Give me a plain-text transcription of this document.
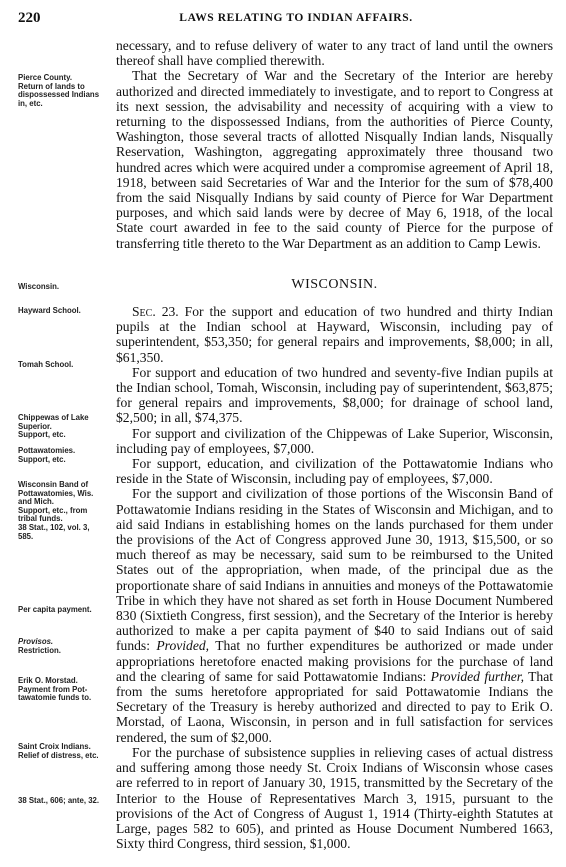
220	LAWS RELATING TO INDIAN AFFAIRS.

necessary, and to refuse delivery of water to any tract of land until the owners thereof shall have complied therewith.

That the Secretary of War and the Secretary of the Interior are hereby authorized and directed immediately to investigate, and to report to Congress at its next session, the advisability and necessity of acquiring with a view to returning to the dispossessed Indians, from the authorities of Pierce County, Washington, those several tracts of allotted Nisqually Indian lands, Nisqually Reservation, Washington, aggregating approximately three thousand two hundred acres which were acquired under a compromise agreement of April 18, 1918, between said Secretaries of War and the Interior for the sum of $78,400 from the said Nisqually Indians by said county of Pierce for War Department purposes, and which said lands were by decree of May 6, 1918, of the local State court awarded in fee to the said county of Pierce for the purpose of transferring title thereto to the War Department as an addition to Camp Lewis.

WISCONSIN.

Sec. 23. For the support and education of two hundred and thirty Indian pupils at the Indian school at Hayward, Wisconsin, including pay of superintendent, $53,350; for general repairs and improvements, $8,000; in all, $61,350.

For support and education of two hundred and seventy-five Indian pupils at the Indian school, Tomah, Wisconsin, including pay of superintendent, $63,875; for general repairs and improvements, $8,000; for drainage of school land, $2,500; in all, $74,375.

For support and civilization of the Chippewas of Lake Superior, Wisconsin, including pay of employees, $7,000.

For support, education, and civilization of the Pottawatomie Indians who reside in the State of Wisconsin, including pay of employees, $7,000.

For the support and civilization of those portions of the Wisconsin Band of Pottawatomie Indians residing in the States of Wisconsin and Michigan, and to aid said Indians in establishing homes on the lands purchased for them under the provisions of the Act of Congress approved June 30, 1913, $15,500, or so much thereof as may be necessary, said sum to be reimbursed to the United States out of the appropriation, when made, of the principal due as the proportionate share of said Indians in annuities and moneys of the Pottawatomie Tribe in which they have not shared as set forth in House Document Numbered 830 (Sixtieth Congress, first session), and the Secretary of the Interior is hereby authorized to make a per capita payment of $40 to said Indians out of said funds: Provided, That no further expenditures be authorized or made under appropriations heretofore enacted making provisions for the purchase of land and the clearing of same for said Pottawatomie Indians: Provided further, That from the sums heretofore appropriated for said Pottawatomie Indians the Secretary of the Treasury is hereby authorized and directed to pay to Erik O. Morstad, of Laona, Wisconsin, in person and in full satisfaction for services rendered, the sum of $2,000.

For the purchase of subsistence supplies in relieving cases of actual distress and suffering among those needy St. Croix Indians of Wisconsin whose cases are referred to in report of January 30, 1915, transmitted by the Secretary of the Interior to the House of Representatives March 3, 1915, pursuant to the provisions of the Act of Congress of August 1, 1914 (Thirty-eighth Statutes at Large, pages 582 to 605), and printed as House Document Numbered 1663, Sixty third Congress, third session, $1,000.

Pierce County.
Return of lands to
dispossessed Indians
in, etc.
Wisconsin.
Hayward School.
Tomah School.
Chippewas of Lake
Superior.
Support, etc.
Pottawatomies.
Support, etc.
Wisconsin Band of
Pottawatomies, Wis.
and Mich.
Support, etc., from
tribal funds.
38 Stat., 102, vol. 3,
585.
Per capita payment.
Provisos.
Restriction.
Erik O. Morstad.
Payment from Pot-
tawatomie funds to.
Saint Croix Indians.
Relief of distress, etc.
38 Stat., 606; ante, 32.
